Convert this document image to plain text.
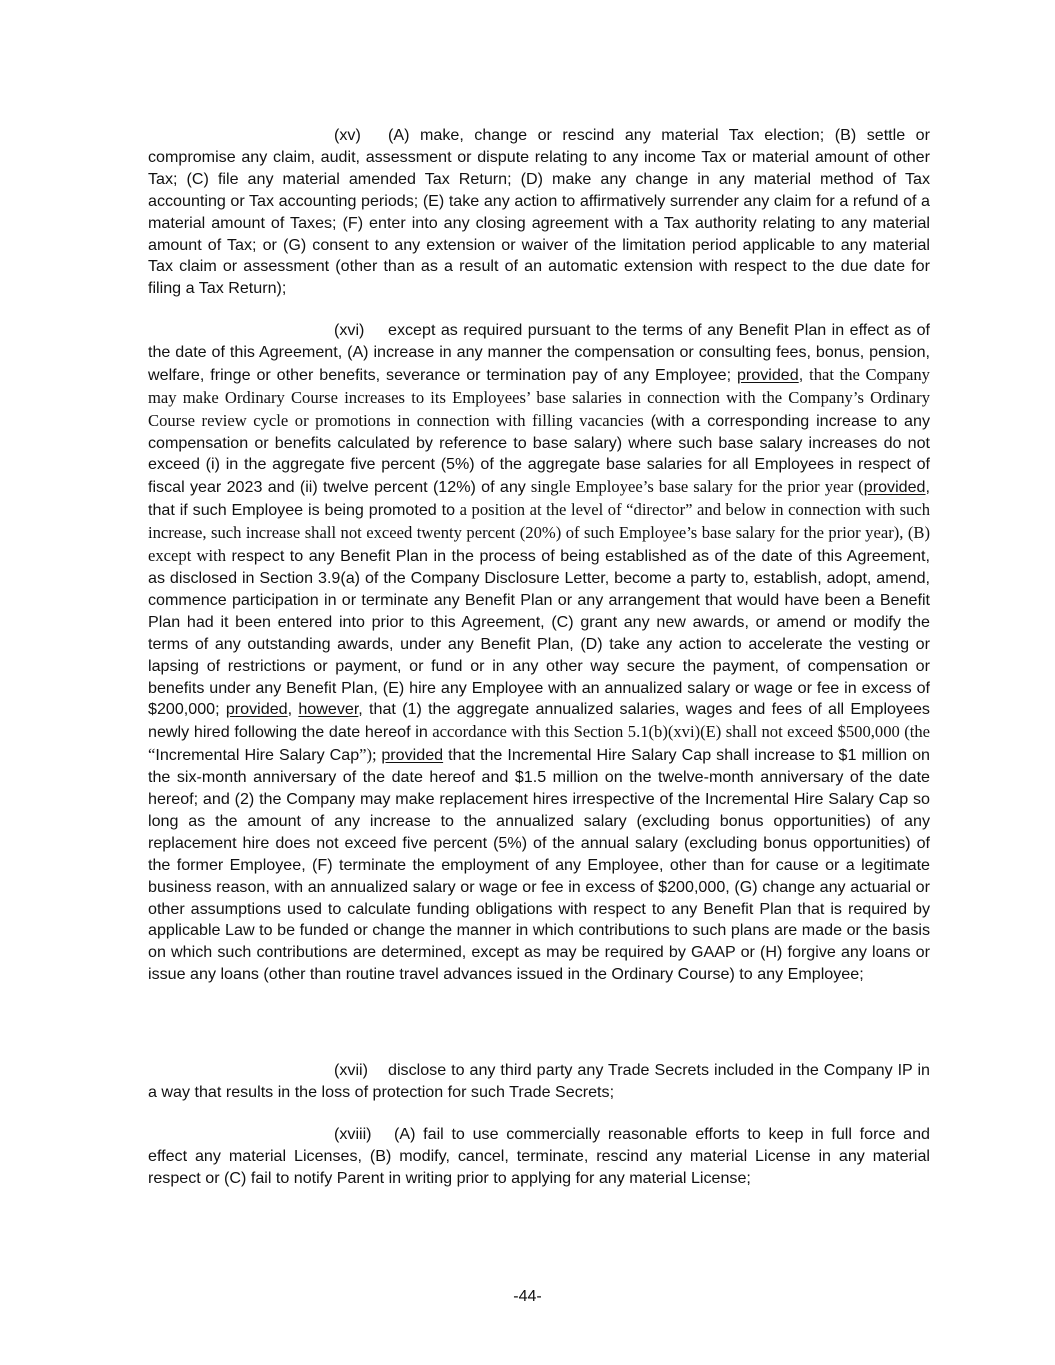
(xv) (A) make, change or rescind any material Tax election; (B) settle or compromise any claim, audit, assessment or dispute relating to any income Tax or material amount of other Tax; (C) file any material amended Tax Return; (D) make any change in any material method of Tax accounting or Tax accounting periods; (E) take any action to affirmatively surrender any claim for a refund of a material amount of Taxes; (F) enter into any closing agreement with a Tax authority relating to any material amount of Tax; or (G) consent to any extension or waiver of the limitation period applicable to any material Tax claim or assessment (other than as a result of an automatic extension with respect to the due date for filing a Tax Return);

(xvi) except as required pursuant to the terms of any Benefit Plan in effect as of the date of this Agreement, (A) increase in any manner the compensation or consulting fees, bonus, pension, welfare, fringe or other benefits, severance or termination pay of any Employee; provided, that the Company may make Ordinary Course increases to its Employees’ base salaries in connection with the Company’s Ordinary Course review cycle or promotions in connection with filling vacancies (with a corresponding increase to any compensation or benefits calculated by reference to base salary) where such base salary increases do not exceed (i) in the aggregate five percent (5%) of the aggregate base salaries for all Employees in respect of fiscal year 2023 and (ii) twelve percent (12%) of any single Employee’s base salary for the prior year (provided, that if such Employee is being promoted to a position at the level of “director” and below in connection with such increase, such increase shall not exceed twenty percent (20%) of such Employee’s base salary for the prior year), (B) except with respect to any Benefit Plan in the process of being established as of the date of this Agreement, as disclosed in Section 3.9(a) of the Company Disclosure Letter, become a party to, establish, adopt, amend, commence participation in or terminate any Benefit Plan or any arrangement that would have been a Benefit Plan had it been entered into prior to this Agreement, (C) grant any new awards, or amend or modify the terms of any outstanding awards, under any Benefit Plan, (D) take any action to accelerate the vesting or lapsing of restrictions or payment, or fund or in any other way secure the payment, of compensation or benefits under any Benefit Plan, (E) hire any Employee with an annualized salary or wage or fee in excess of $200,000; provided, however, that (1) the aggregate annualized salaries, wages and fees of all Employees newly hired following the date hereof in accordance with this Section 5.1(b)(xvi)(E) shall not exceed $500,000 (the “Incremental Hire Salary Cap”); provided that the Incremental Hire Salary Cap shall increase to $1 million on the six-month anniversary of the date hereof and $1.5 million on the twelve-month anniversary of the date hereof; and (2) the Company may make replacement hires irrespective of the Incremental Hire Salary Cap so long as the amount of any increase to the annualized salary (excluding bonus opportunities) of any replacement hire does not exceed five percent (5%) of the annual salary (excluding bonus opportunities) of the former Employee, (F) terminate the employment of any Employee, other than for cause or a legitimate business reason, with an annualized salary or wage or fee in excess of $200,000, (G) change any actuarial or other assumptions used to calculate funding obligations with respect to any Benefit Plan that is required by applicable Law to be funded or change the manner in which contributions to such plans are made or the basis on which such contributions are determined, except as may be required by GAAP or (H) forgive any loans or issue any loans (other than routine travel advances issued in the Ordinary Course) to any Employee;

(xvii) disclose to any third party any Trade Secrets included in the Company IP in a way that results in the loss of protection for such Trade Secrets;

(xviii) (A) fail to use commercially reasonable efforts to keep in full force and effect any material Licenses, (B) modify, cancel, terminate, rescind any material License in any material respect or (C) fail to notify Parent in writing prior to applying for any material License;

-44-
